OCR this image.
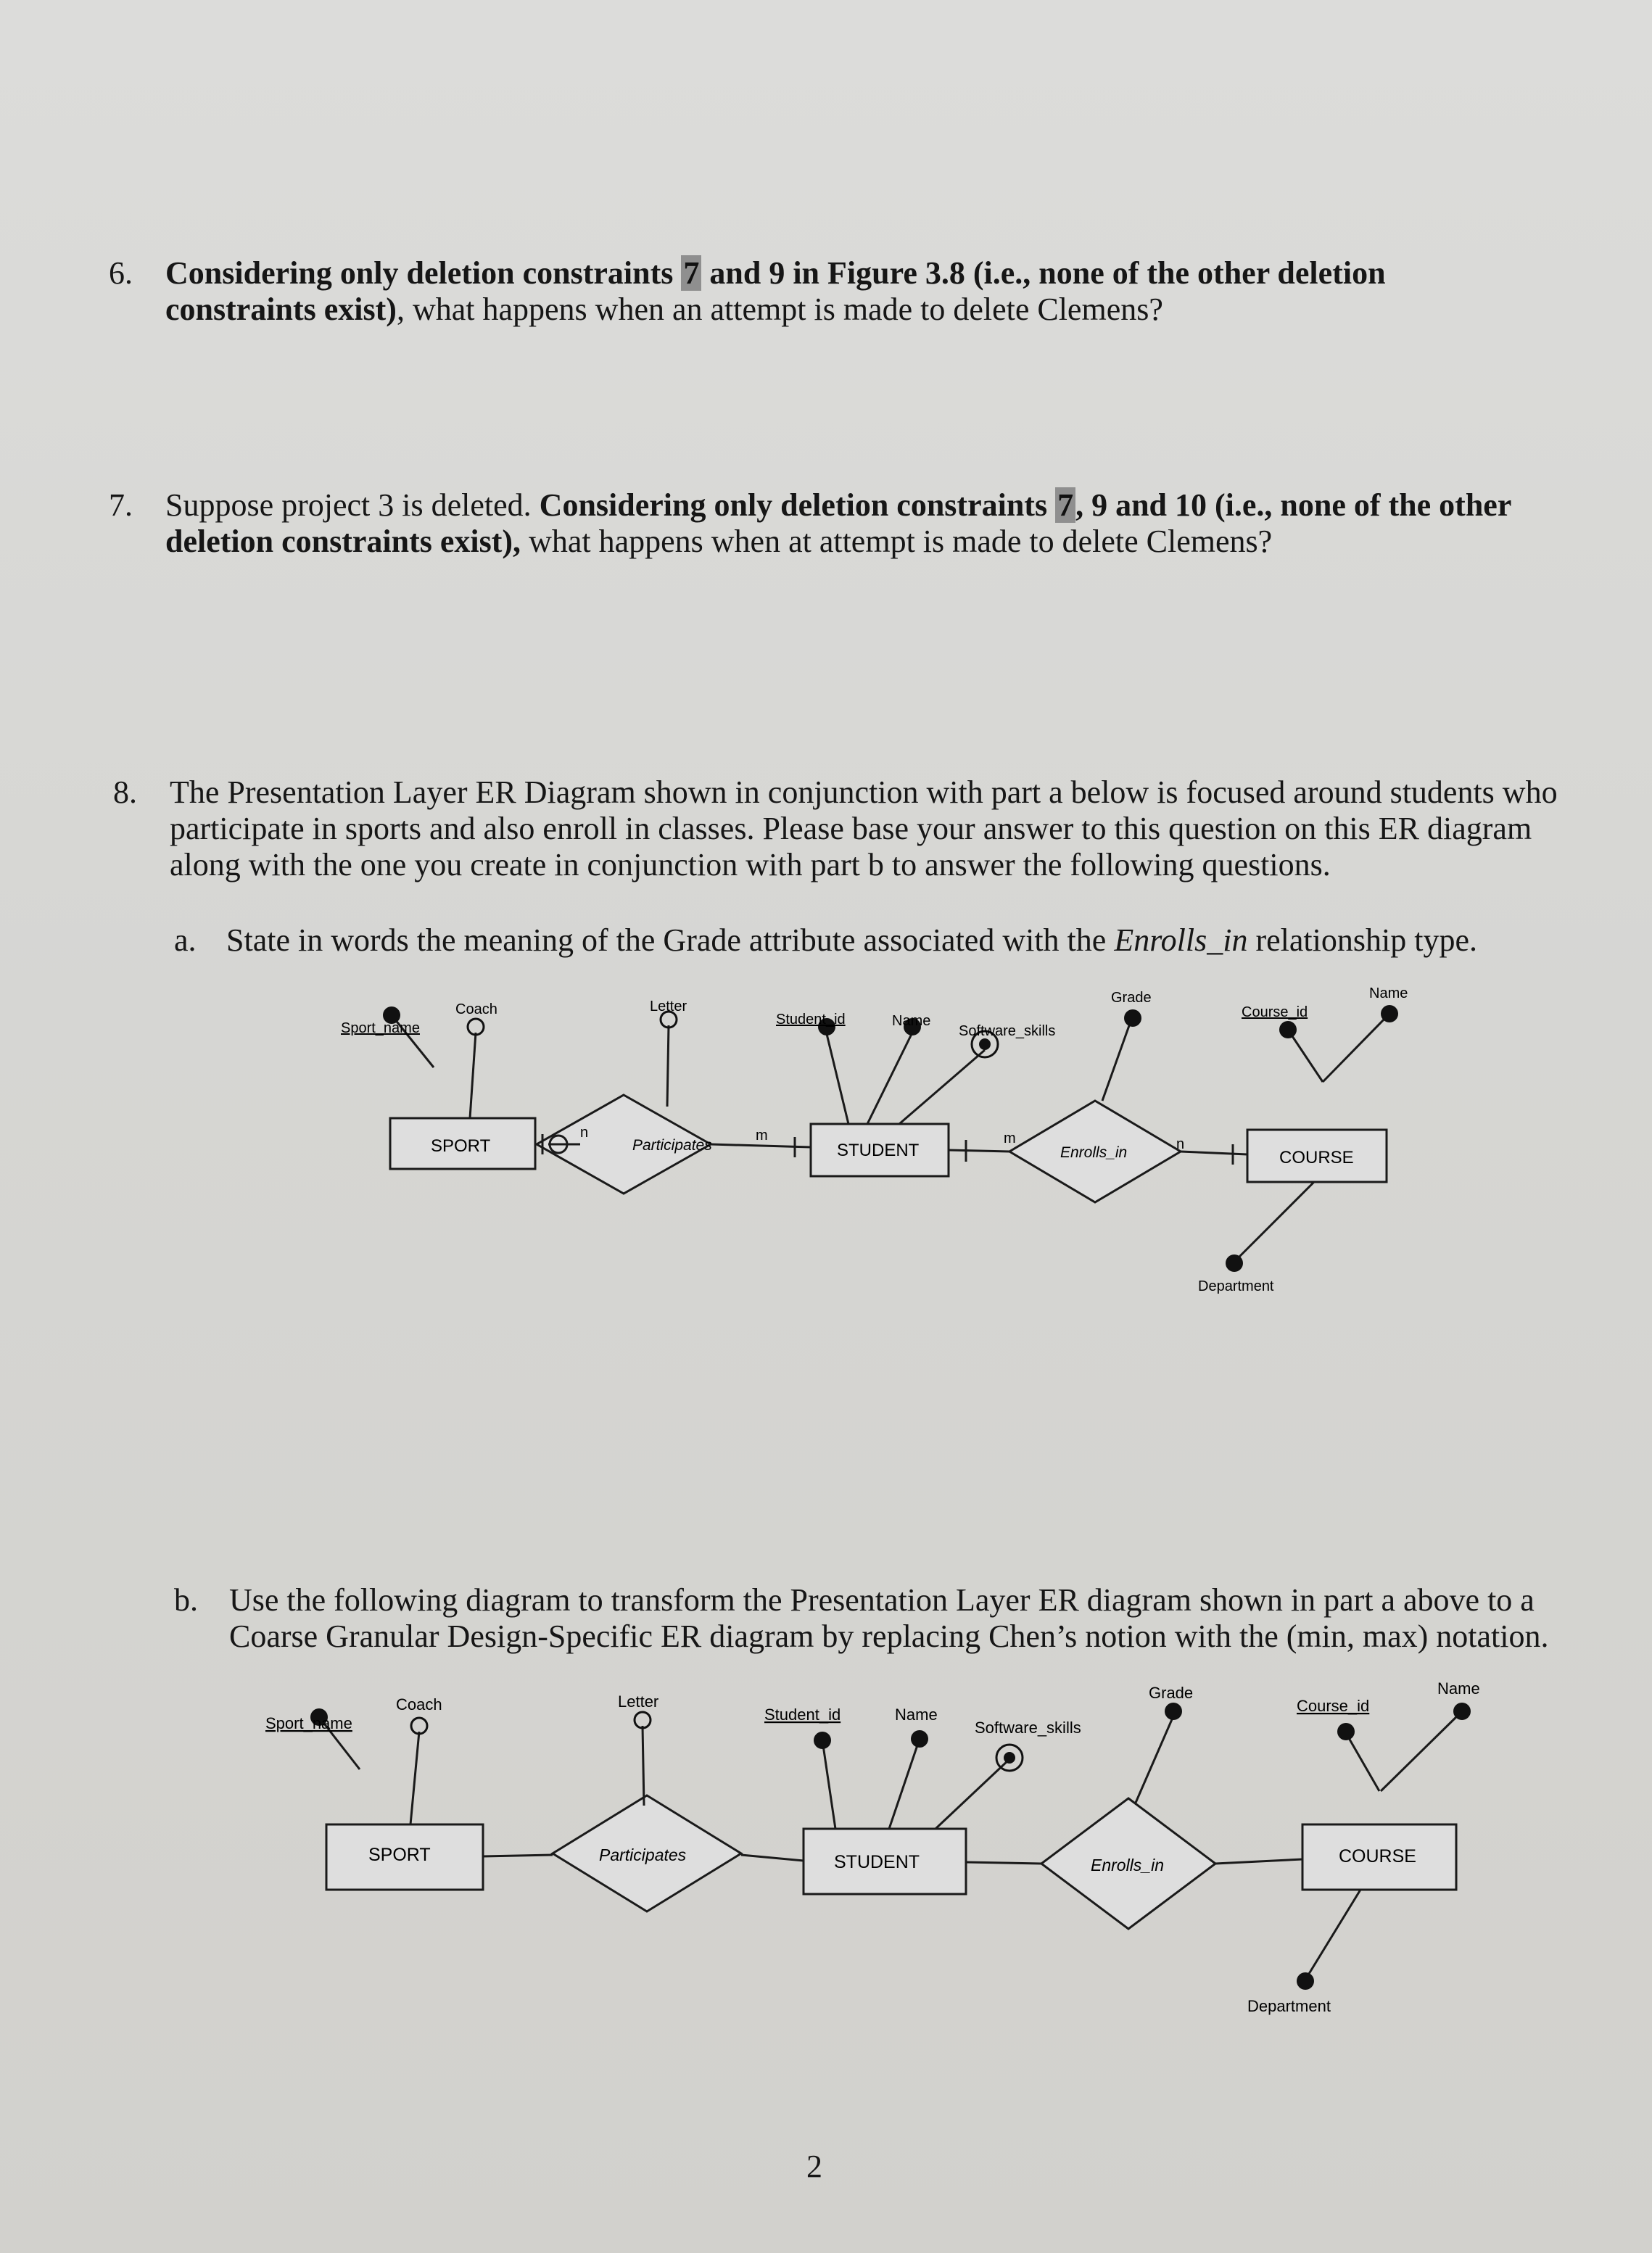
6. Considering only deletion constraints 7 and 9 in Figure 3.8 (i.e., none of the other deletion
constraints exist), what happens when an attempt is made to delete Clemens?
7. Suppose project 3 is deleted. Considering only deletion constraints 7, 9 and 10 (i.e., none of the other
deletion constraints exist), what happens when at attempt is made to delete Clemens?
8. The Presentation Layer ER Diagram shown in conjunction with part a below is focused around students who
participate in sports and also enroll in classes. Please base your answer to this question on this ER diagram
along with the one you create in conjunction with part b to answer the following questions.
a. State in words the meaning of the Grade attribute associated with the Enrolls_in relationship type.
SPORT	STUDENT	COURSE
Participates	Enrolls_in
n	m	m	n
Sport_name
Coach	Letter
Student_id	Name
Software_skills
Grade
Course_id
Name
Department
b. Use the following diagram to transform the Presentation Layer ER diagram shown in part a above to a
Coarse Granular Design-Specific ER diagram by replacing Chen’s notion with the (min, max) notation.
SPORT	STUDENT	COURSE
Participates
Enrolls_in
Sport_name
Coach	Letter
Student_id	Name
Software_skills
Grade
Course_id
Name
Department
2
